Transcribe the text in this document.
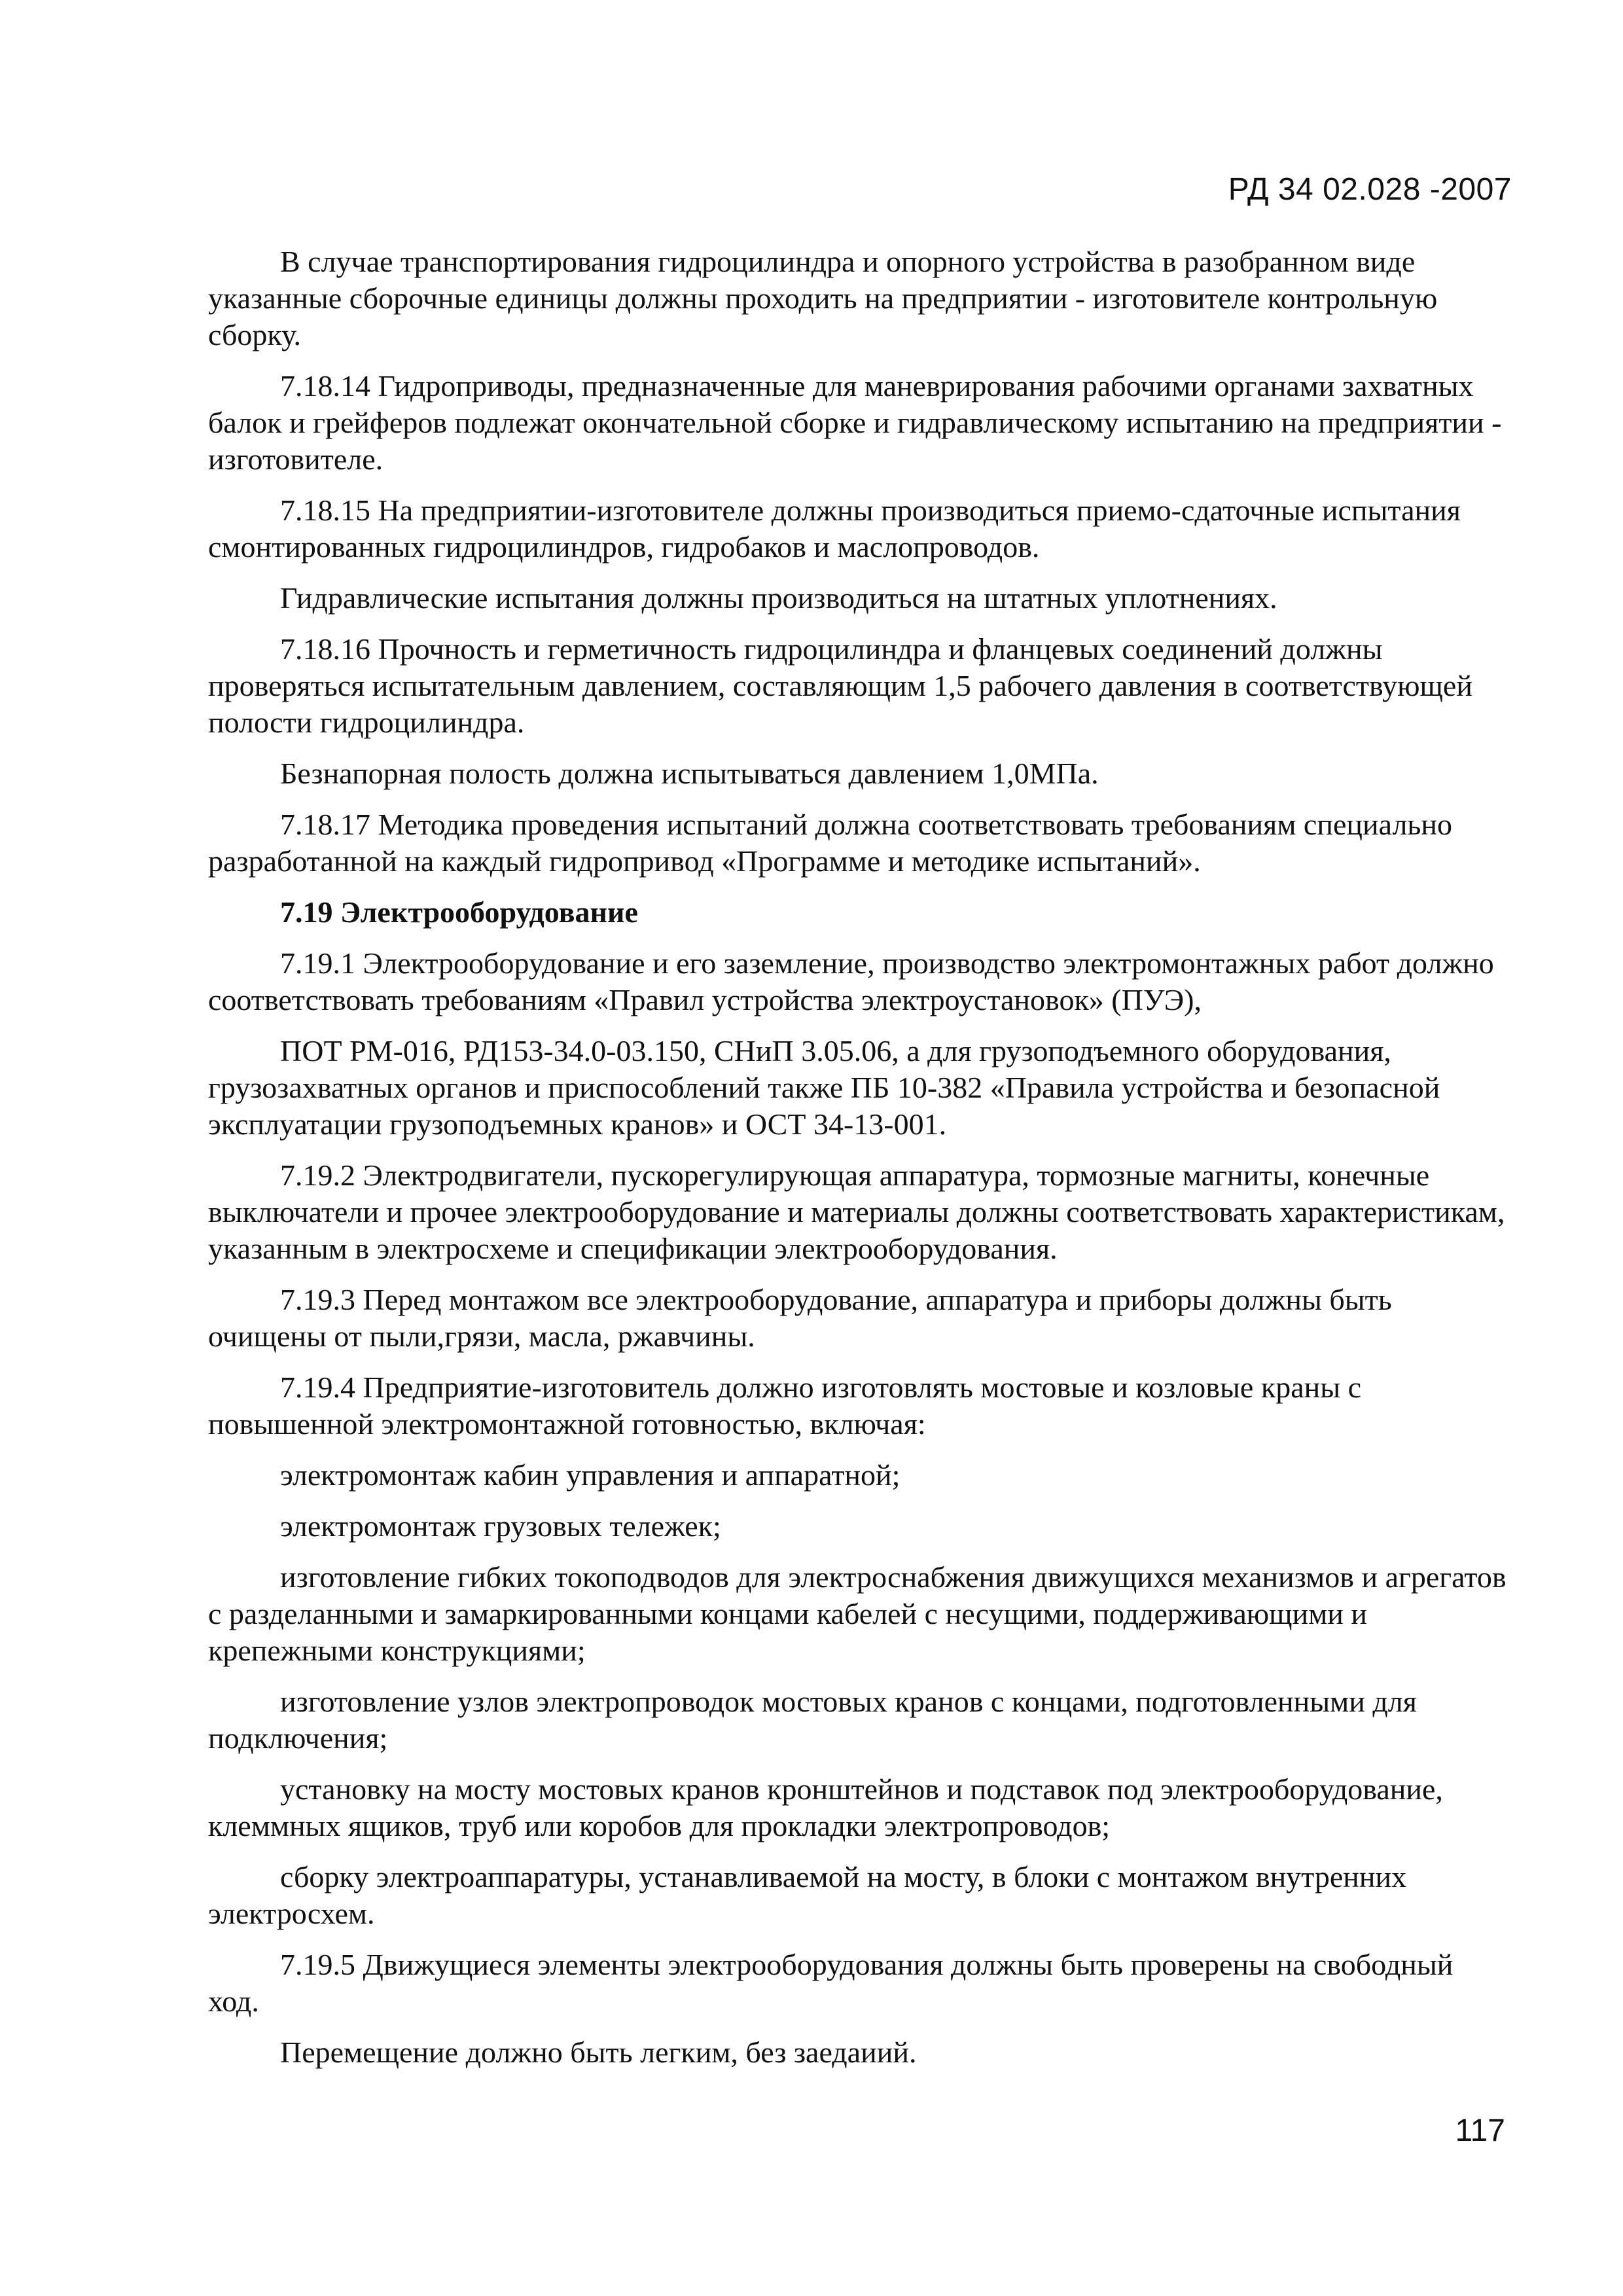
РД 34 02.028 -2007

В случае транспортирования гидроцилиндра и опорного устройства в разобранном виде указанные сборочные единицы должны проходить на предприятии - изготовителе контрольную сборку.

7.18.14 Гидроприводы, предназначенные для маневрирования рабочими органами захватных балок и грейферов подлежат окончательной сборке и гидравлическому испытанию на предприятии - изготовителе.

7.18.15 На предприятии-изготовителе должны производиться приемо-сдаточные испытания смонтированных гидроцилиндров, гидробаков и маслопроводов.

Гидравлические испытания должны производиться на штатных уплотнениях.

7.18.16 Прочность и герметичность гидроцилиндра и фланцевых соединений должны проверяться испытательным давлением, составляющим 1,5 рабочего давления в соответствующей полости гидроцилиндра.

Безнапорная полость должна испытываться давлением 1,0МПа.

7.18.17 Методика проведения испытаний должна соответствовать требованиям специально разработанной на каждый гидропривод «Программе и методике испытаний».

7.19 Электрооборудование

7.19.1 Электрооборудование и его заземление, производство электромонтажных работ должно соответствовать требованиям «Правил устройства электроустановок» (ПУЭ),

ПОТ РМ-016, РД153-34.0-03.150, СНиП 3.05.06, а для грузоподъемного оборудования, грузозахватных органов и приспособлений также ПБ 10-382 «Правила устройства и безопасной эксплуатации грузоподъемных кранов» и ОСТ 34-13-001.

7.19.2 Электродвигатели, пускорегулирующая аппаратура, тормозные магниты, конечные выключатели и прочее электрооборудование и материалы должны соответствовать характеристикам, указанным в электросхеме и спецификации электрооборудования.

7.19.3 Перед монтажом все электрооборудование, аппаратура и приборы должны быть очищены от пыли,грязи, масла, ржавчины.

7.19.4 Предприятие-изготовитель должно изготовлять мостовые и козловые краны с повышенной электромонтажной готовностью, включая:

электромонтаж кабин управления и аппаратной;

электромонтаж грузовых тележек;

изготовление гибких токоподводов для электроснабжения движущихся механизмов и агрегатов с разделанными и замаркированными концами кабелей с несущими, поддерживающими и крепежными конструкциями;

изготовление узлов электропроводок мостовых кранов с концами, подготовленными для подключения;

установку на мосту мостовых кранов кронштейнов и подставок под электрооборудование, клеммных ящиков, труб или коробов для прокладки электропроводов;

сборку электроаппаратуры, устанавливаемой на мосту, в блоки с монтажом внутренних электросхем.

7.19.5 Движущиеся элементы электрооборудования должны быть проверены на свободный ход.

Перемещение должно быть легким, без заедаиий.

117
